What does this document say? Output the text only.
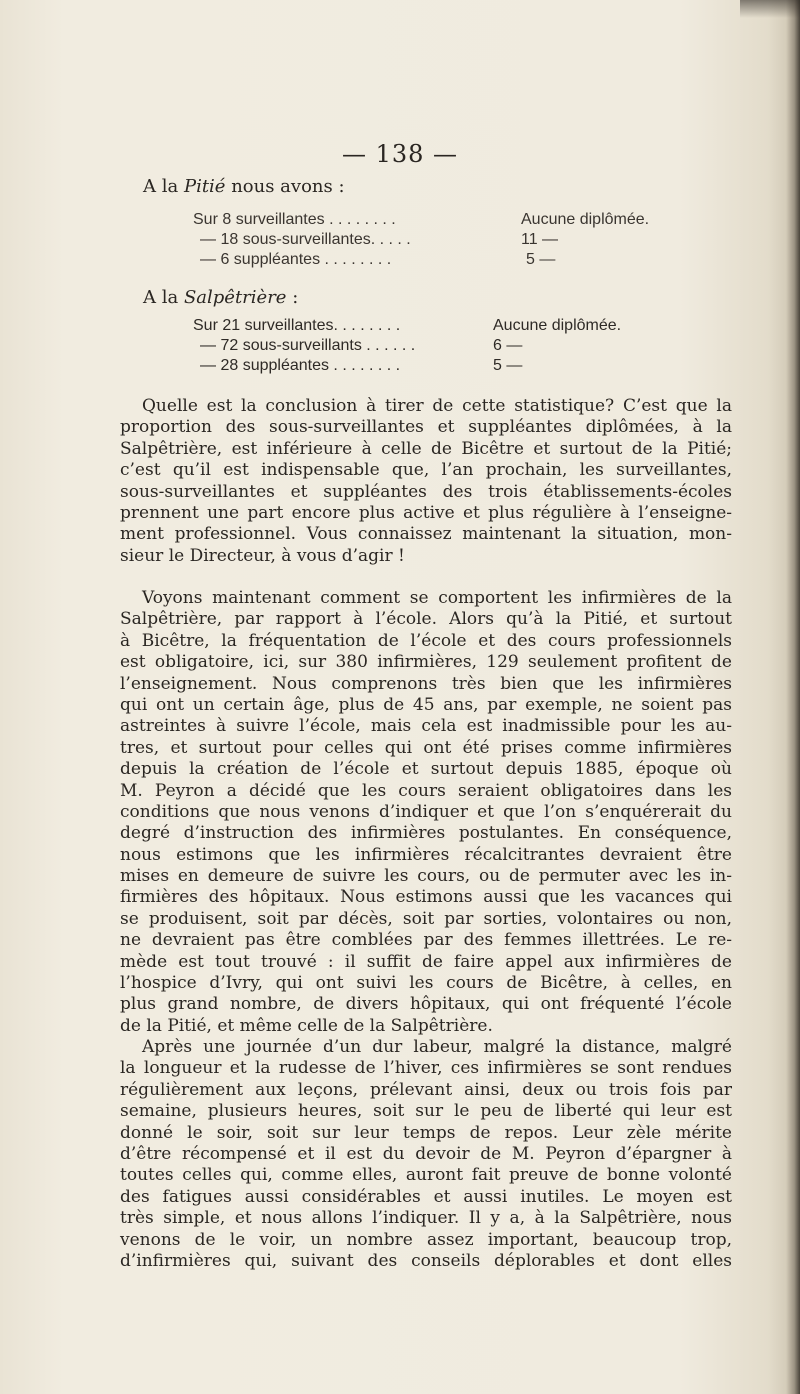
— 138 —
A la Pitié nous avons :
Sur 8 surveillantes . . . . . . . .	Aucune diplômée.
— 18 sous-surveillantes. . . . .	11 —
— 6 suppléantes . . . . . . . .	5 —
A la Salpêtrière :
Sur 21 surveillantes. . . . . . . .	Aucune diplômée.
— 72 sous-surveillants . . . . . .	6 —
— 28 suppléantes . . . . . . . .	5 —
Quelle est la conclusion à tirer de cette statistique? C’est que la
proportion des sous-surveillantes et suppléantes diplômées, à la
Salpêtrière, est inférieure à celle de Bicêtre et surtout de la Pitié;
c’est qu’il est indispensable que, l’an prochain, les surveillantes,
sous-surveillantes et suppléantes des trois établissements-écoles
prennent une part encore plus active et plus régulière à l’enseigne-
ment professionnel. Vous connaissez maintenant la situation, mon-
sieur le Directeur, à vous d’agir !
Voyons maintenant comment se comportent les infirmières de la
Salpêtrière, par rapport à l’école. Alors qu’à la Pitié, et surtout
à Bicêtre, la fréquentation de l’école et des cours professionnels
est obligatoire, ici, sur 380 infirmières, 129 seulement profitent de
l’enseignement. Nous comprenons très bien que les infirmières
qui ont un certain âge, plus de 45 ans, par exemple, ne soient pas
astreintes à suivre l’école, mais cela est inadmissible pour les au-
tres, et surtout pour celles qui ont été prises comme infirmières
depuis la création de l’école et surtout depuis 1885, époque où
M. Peyron a décidé que les cours seraient obligatoires dans les
conditions que nous venons d’indiquer et que l’on s’enquérerait du
degré d’instruction des infirmières postulantes. En conséquence,
nous estimons que les infirmières récalcitrantes devraient être
mises en demeure de suivre les cours, ou de permuter avec les in-
firmières des hôpitaux. Nous estimons aussi que les vacances qui
se produisent, soit par décès, soit par sorties, volontaires ou non,
ne devraient pas être comblées par des femmes illettrées. Le re-
mède est tout trouvé : il suffit de faire appel aux infirmières de
l’hospice d’Ivry, qui ont suivi les cours de Bicêtre, à celles, en
plus grand nombre, de divers hôpitaux, qui ont fréquenté l’école
de la Pitié, et même celle de la Salpêtrière.
Après une journée d’un dur labeur, malgré la distance, malgré
la longueur et la rudesse de l’hiver, ces infirmières se sont rendues
régulièrement aux leçons, prélevant ainsi, deux ou trois fois par
semaine, plusieurs heures, soit sur le peu de liberté qui leur est
donné le soir, soit sur leur temps de repos. Leur zèle mérite
d’être récompensé et il est du devoir de M. Peyron d’épargner à
toutes celles qui, comme elles, auront fait preuve de bonne volonté
des fatigues aussi considérables et aussi inutiles. Le moyen est
très simple, et nous allons l’indiquer. Il y a, à la Salpêtrière, nous
venons de le voir, un nombre assez important, beaucoup trop,
d’infirmières qui, suivant des conseils déplorables et dont elles
